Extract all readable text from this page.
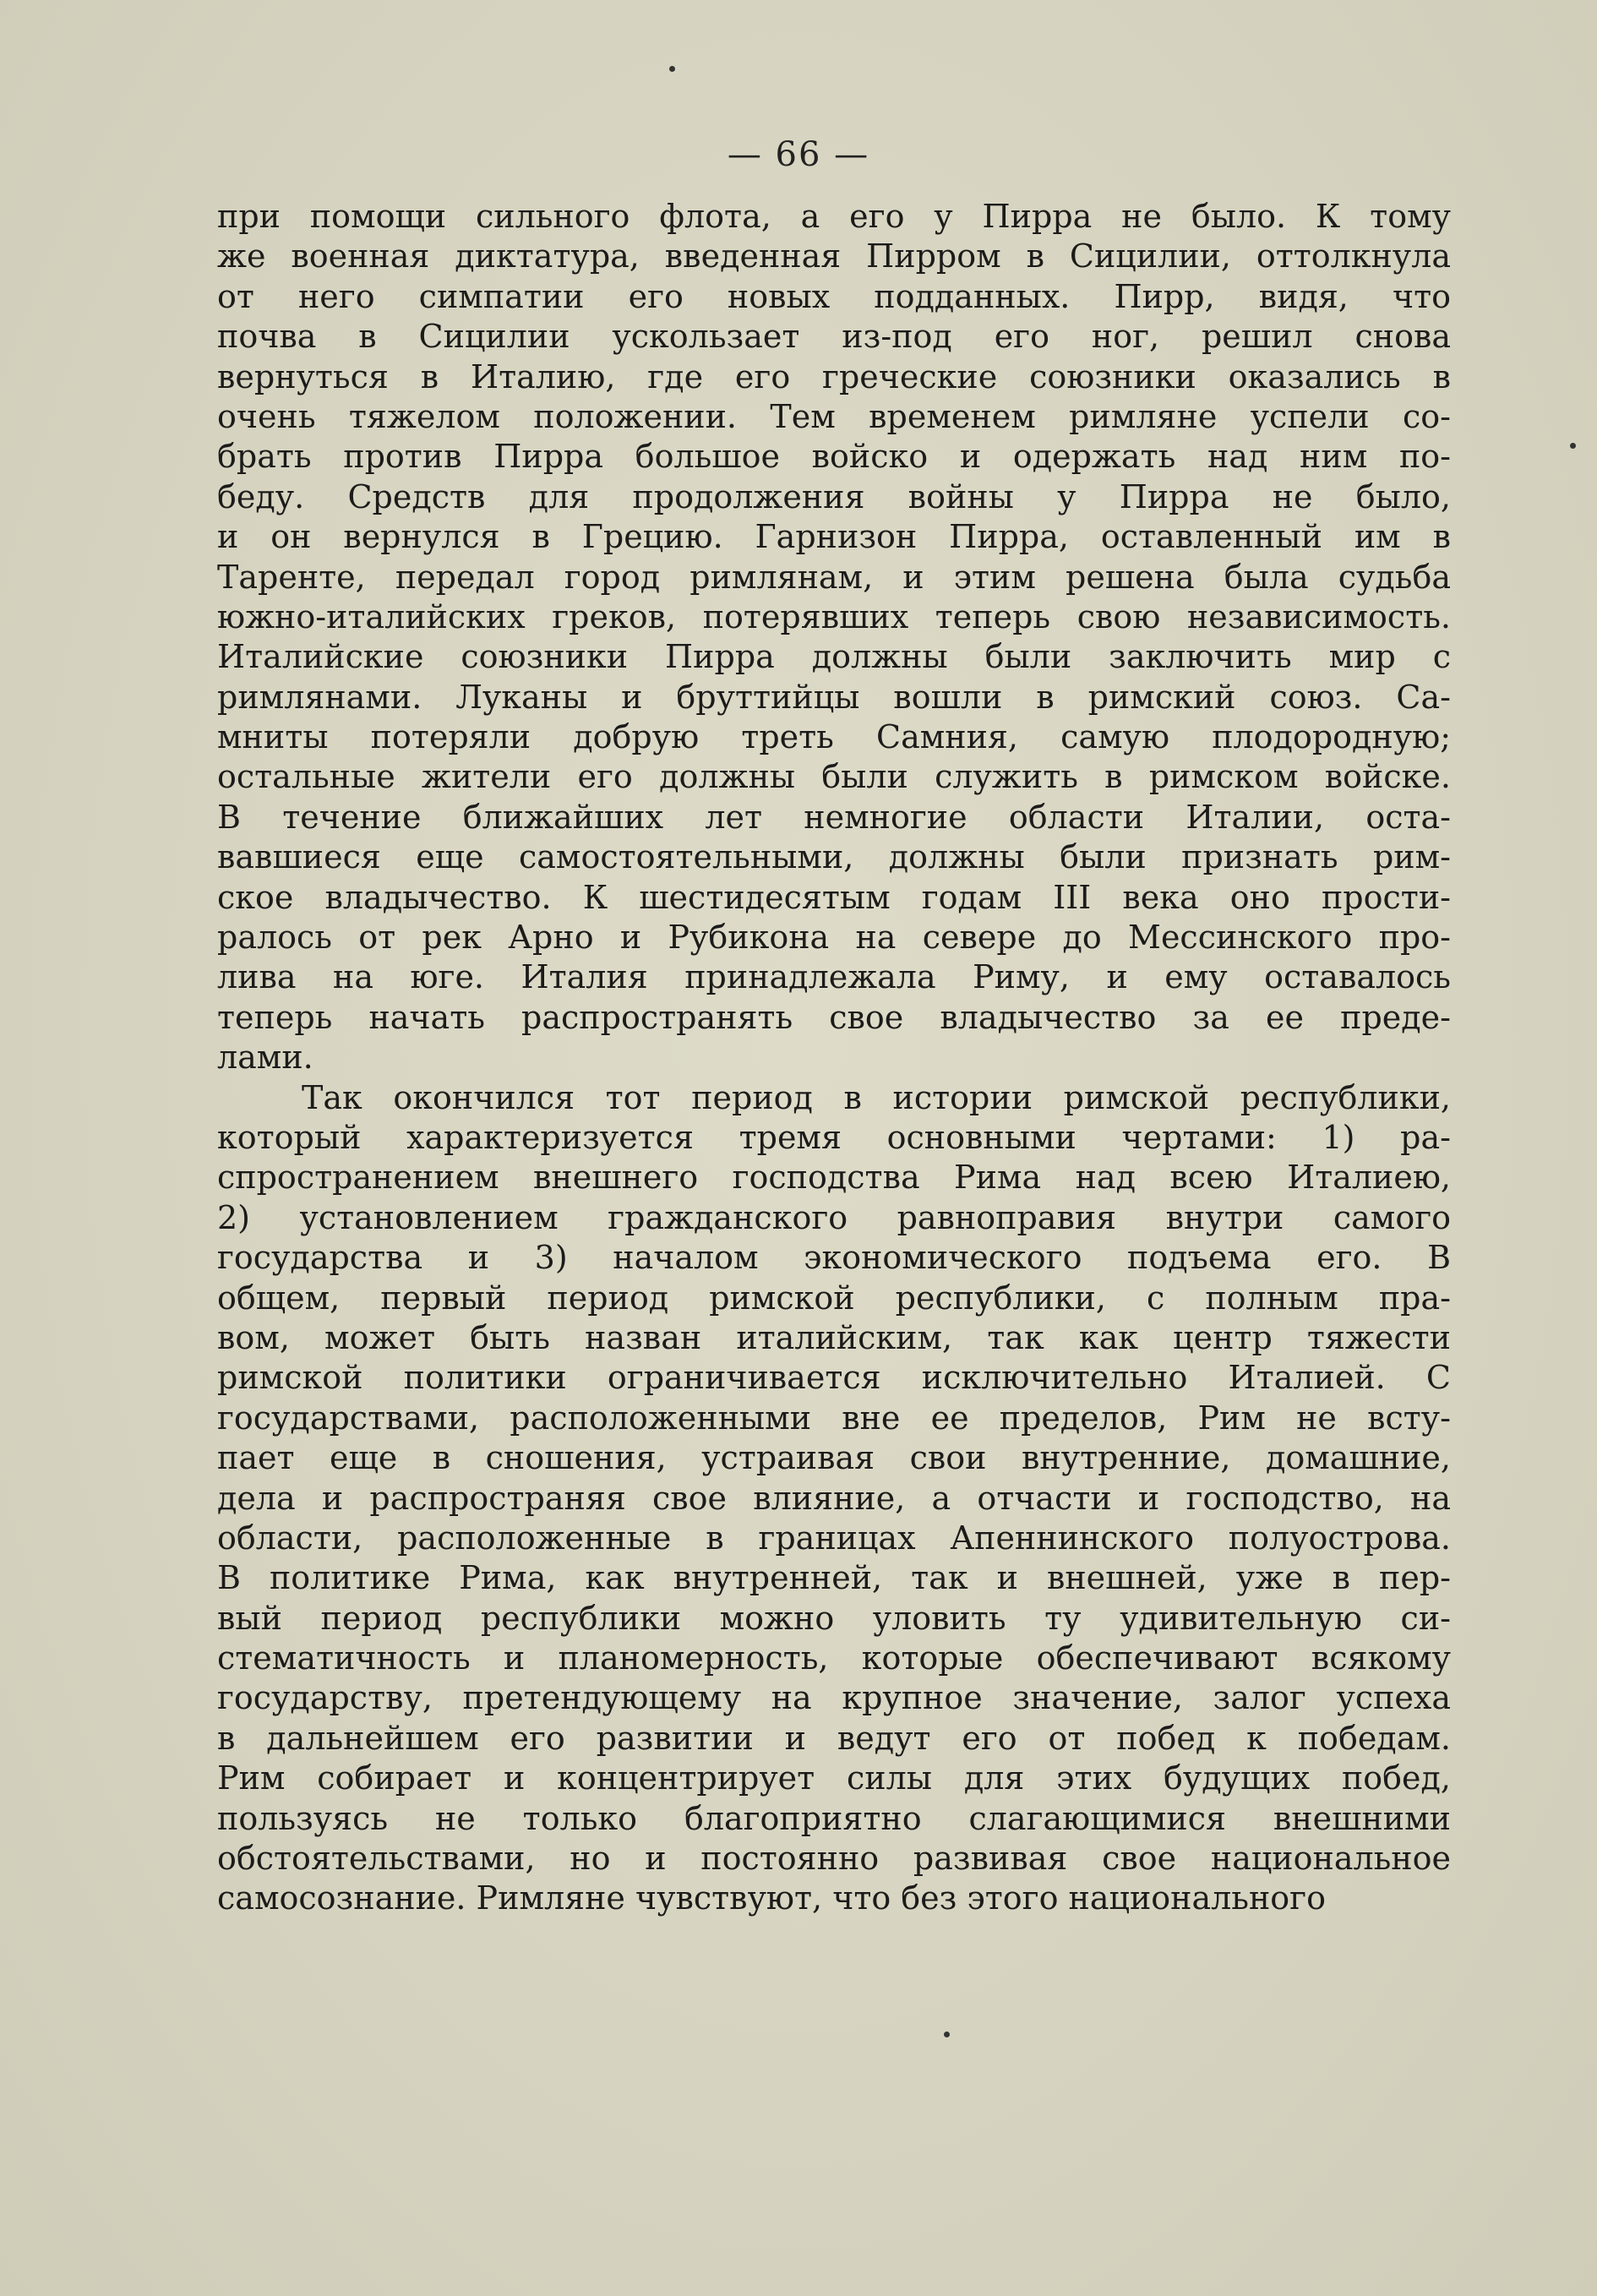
— 66 —
при помощи сильного флота, а его у Пирра не было. К тому
же военная диктатура, введенная Пирром в Сицилии, оттолкнула
от него симпатии его новых подданных. Пирр, видя, что
почва в Сицилии ускользает из-под его ног, решил снова
вернуться в Италию, где его греческие союзники оказались в
очень тяжелом положении. Тем временем римляне успели со-
брать против Пирра большое войско и одержать над ним по-
беду. Средств для продолжения войны у Пирра не было,
и он вернулся в Грецию. Гарнизон Пирра, оставленный им в
Таренте, передал город римлянам, и этим решена была судьба
южно-италийских греков, потерявших теперь свою независимость.
Италийские союзники Пирра должны были заключить мир с
римлянами. Луканы и бруттийцы вошли в римский союз. Са-
мниты потеряли добрую треть Самния, самую плодородную;
остальные жители его должны были служить в римском войске.
В течение ближайших лет немногие области Италии, оста-
вавшиеся еще самостоятельными, должны были признать рим-
ское владычество. К шестидесятым годам III века оно прости-
ралось от рек Арно и Рубикона на севере до Мессинского про-
лива на юге. Италия принадлежала Риму, и ему оставалось
теперь начать распространять свое владычество за ее преде-
лами.
Так окончился тот период в истории римской республики,
который характеризуется тремя основными чертами: 1) ра-
спространением внешнего господства Рима над всею Италиею,
2) установлением гражданского равноправия внутри самого
государства и 3) началом экономического подъема его. В
общем, первый период римской республики, с полным пра-
вом, может быть назван италийским, так как центр тяжести
римской политики ограничивается исключительно Италией. С
государствами, расположенными вне ее пределов, Рим не всту-
пает еще в сношения, устраивая свои внутренние, домашние,
дела и распространяя свое влияние, а отчасти и господство, на
области, расположенные в границах Апеннинского полуострова.
В политике Рима, как внутренней, так и внешней, уже в пер-
вый период республики можно уловить ту удивительную си-
стематичность и планомерность, которые обеспечивают всякому
государству, претендующему на крупное значение, залог успеха
в дальнейшем его развитии и ведут его от побед к победам.
Рим собирает и концентрирует силы для этих будущих побед,
пользуясь не только благоприятно слагающимися внешними
обстоятельствами, но и постоянно развивая свое национальное
самосознание. Римляне чувствуют, что без этого национального
